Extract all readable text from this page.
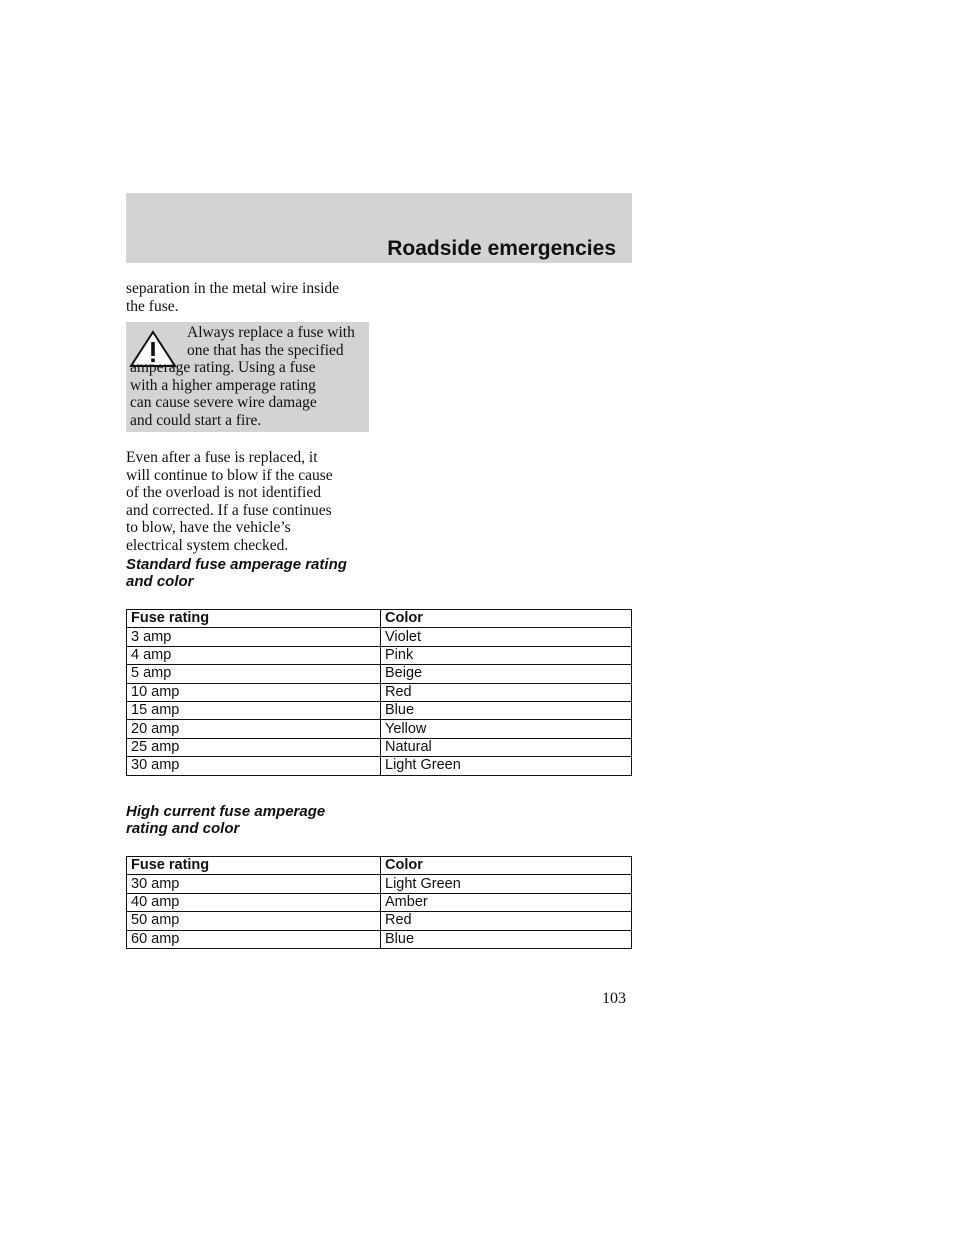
Roadside emergencies

separation in the metal wire inside
the fuse.

Always replace a fuse with
one that has the specified
amperage rating. Using a fuse
with a higher amperage rating
can cause severe wire damage
and could start a fire.

Even after a fuse is replaced, it
will continue to blow if the cause
of the overload is not identified
and corrected. If a fuse continues
to blow, have the vehicle’s
electrical system checked.

Standard fuse amperage rating
and color

Fuse rating	Color
3 amp	Violet
4 amp	Pink
5 amp	Beige
10 amp	Red
15 amp	Blue
20 amp	Yellow
25 amp	Natural
30 amp	Light Green

High current fuse amperage
rating and color

Fuse rating	Color
30 amp	Light Green
40 amp	Amber
50 amp	Red
60 amp	Blue
103
